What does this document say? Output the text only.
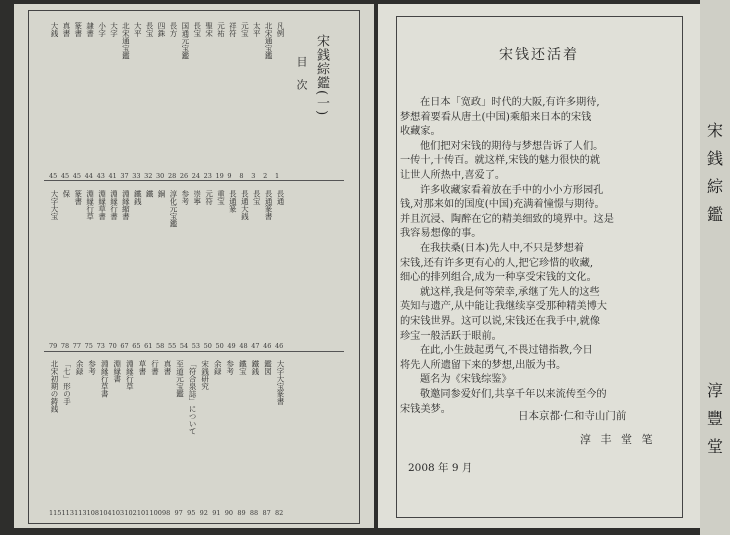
宋銭綜鑑(一)
目次
凡例
1
北宋通宝鑑
2
太平
3
元宝
8
祥符
9
元祐
19
聖宋
23
長宝
24
国通元宝鑑
26
長方
28
四銖
30
長宝
32
大平
33
北宋通宝鑑
37
大字
41
小字
43
隷書
44
篆書
45
真書
45
大銭
45
長通
46
長通篆書
46
長宝
47
長通大銭
48
長通篆
49
重宝
50
元符
50
崇寧
53
参考
54
淳化元宝鑑
55
銅
58
鐵
61
鐵銭
65
淵縁縮書
67
淵縁行書
70
淵縁草書
73
淵縁行草
75
篆書
77
保
78
大字大宝
79
大字大宝篆書
82
鑑図
87
鐵銭
88
鐵宝
89
参考
90
余録
91
宋銭研究
92
「符合泉誌」について
95
至道元宝鑑
97
真書
98
行書
100
草書
101
淵縁行草
102
淵縁書
103
淵縁行草書
104
参考
108
余録
113
「七」形の手
113
北宋初期の鋳銭
115
宋钱还活着

在日本「宽政」时代的大阪,有许多期待,

梦想着要看从唐土(中国)乘船来日本的宋钱

收藏家。

他们把对宋钱的期待与梦想告诉了人们。

一传十,十传百。就这样,宋钱的魅力很快的就

让世人所热中,喜爱了。

许多收藏家看着放在手中的小小方形园孔

钱,对那来如的国度(中国)充满着憧憬与期待。

并且沉浸、陶醉在它的精美细致的境界中。这是

我容易想像的事。

在我扶桑(日本)先人中,不只是梦想着

宋钱,还有许多更有心的人,把它珍惜的收藏,

细心的排列组合,成为一种享受宋钱的文化。

就这样,我是何等荣幸,承继了先人的这些

英知与遗产,从中能让我继续享受那种精美博大

的宋钱世界。这可以说,宋钱还在我手中,就像

珍宝一般活跃于眼前。

在此,小生鼓起勇气,不畏过错指教,今日

将先人所遗留下来的梦想,出版为书。

题名为《宋钱综鉴》

敬邀同参爱好们,共享千年以来流传至今的

宋钱美梦。

日本京都·仁和寺山门前
淳 丰 堂 笔
2008 年 9 月
宋
銭
綜
鑑
淳
豐
堂
